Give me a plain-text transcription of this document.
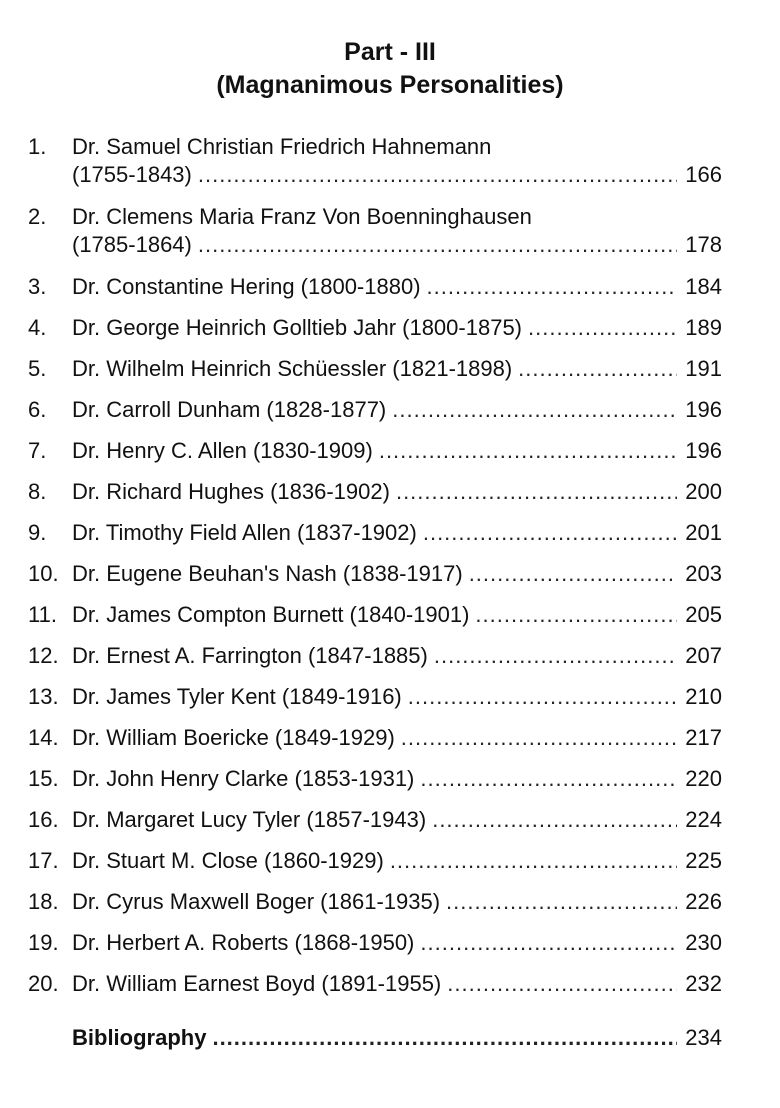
Part - III
(Magnanimous Personalities)
1. Dr. Samuel Christian Friedrich Hahnemann
(1755-1843) .....	166
2. Dr. Clemens Maria Franz Von Boenninghausen
(1785-1864) .....	178
3. Dr. Constantine Hering (1800-1880) .....	184
4. Dr. George Heinrich Golltieb Jahr (1800-1875) .....	189
5. Dr. Wilhelm Heinrich Schüessler (1821-1898) .....	191
6. Dr. Carroll Dunham (1828-1877) .....	196
7. Dr. Henry C. Allen (1830-1909) .....	196
8. Dr. Richard Hughes (1836-1902) .....	200
9. Dr. Timothy Field Allen (1837-1902) .....	201
10. Dr. Eugene Beuhan's Nash (1838-1917) .....	203
11. Dr. James Compton Burnett (1840-1901) .....	205
12. Dr. Ernest A. Farrington (1847-1885) .....	207
13. Dr. James Tyler Kent (1849-1916) .....	210
14. Dr. William Boericke (1849-1929) .....	217
15. Dr. John Henry Clarke (1853-1931) .....	220
16. Dr. Margaret Lucy Tyler (1857-1943) .....	224
17. Dr. Stuart M. Close (1860-1929) .....	225
18. Dr. Cyrus Maxwell Boger (1861-1935) .....	226
19. Dr. Herbert A. Roberts (1868-1950) .....	230
20. Dr. William Earnest Boyd (1891-1955) .....	232
Bibliography .....	234
